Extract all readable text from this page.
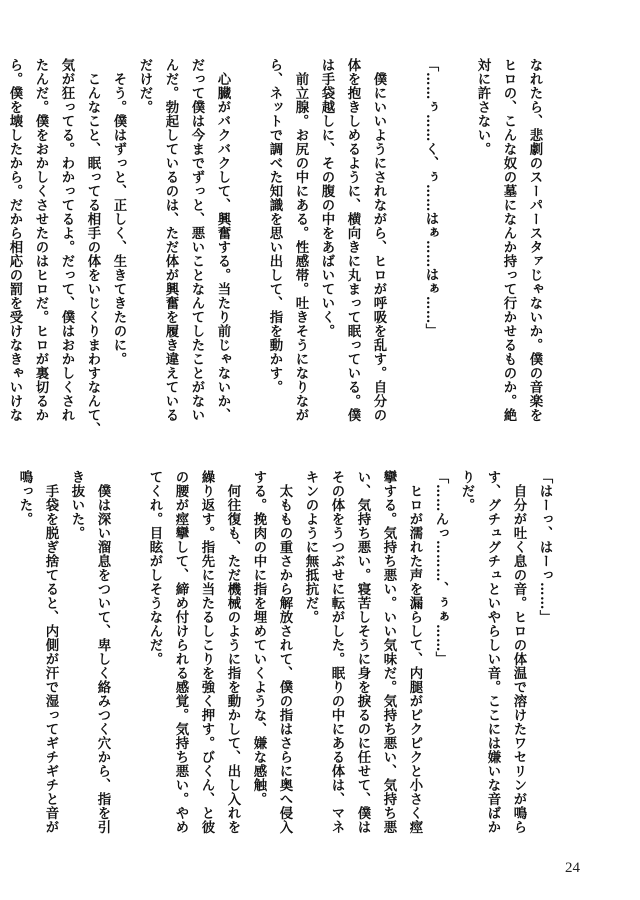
なれたら、悲劇のスーパースタァじゃないか。僕の音楽を

ヒロの、こんな奴の墓になんか持って行かせるものか。絶

対に許さない。

「……ぅ……く、ぅ……はぁ……はぁ……」

　僕にいいようにされながら、ヒロが呼吸を乱す。自分の

体を抱きしめるように、横向きに丸まって眠っている。僕

は手袋越しに、その腹の中をあばいていく。

　前立腺。お尻の中にある。性感帯。吐きそうになりなが

ら、ネットで調べた知識を思い出して、指を動かす。

　心臓がバクバクして、興奮する。当たり前じゃないか、

だって僕は今までずっと、悪いことなんてしたことがない

んだ。勃起しているのは、ただ体が興奮を履き違えている

だけだ。

　そう。僕はずっと、正しく、生きてきたのに。

　こんなこと、眠ってる相手の体をいじくりまわすなんて、

気が狂ってる。わかってるよ。だって、僕はおかしくされ

たんだ。僕をおかしくさせたのはヒロだ。ヒロが裏切るか

ら。僕を壊したから。だから相応の罰を受けなきゃいけな

「はーっ、はーっ……」

　自分が吐く息の音。ヒロの体温で溶けたワセリンが鳴ら

す、グチュグチュといやらしい音。ここには嫌いな音ばか

りだ。

「……んっ………、ぅぁ……」

　ヒロが濡れた声を漏らして、内腿がピクピクと小さく痙

攣する。気持ち悪い。いい気味だ。気持ち悪い、気持ち悪

い、気持ち悪い。寝苦しそうに身を捩るのに任せて、僕は

その体をうつぶせに転がした。眠りの中にある体は、マネ

キンのように無抵抗だ。

　太ももの重さから解放されて、僕の指はさらに奥へ侵入

する。挽肉の中に指を埋めていくような、嫌な感触。

　何往復も、ただ機械のように指を動かして、出し入れを

繰り返す。指先に当たるしこりを強く押す。びくん、と彼

の腰が痙攣して、締め付けられる感覚。気持ち悪い。やめ

てくれ。目眩がしそうなんだ。

　僕は深い溜息をついて、卑しく絡みつく穴から、指を引

き抜いた。

　手袋を脱ぎ捨てると、内側が汗で湿ってギチギチと音が

鳴った。

24
